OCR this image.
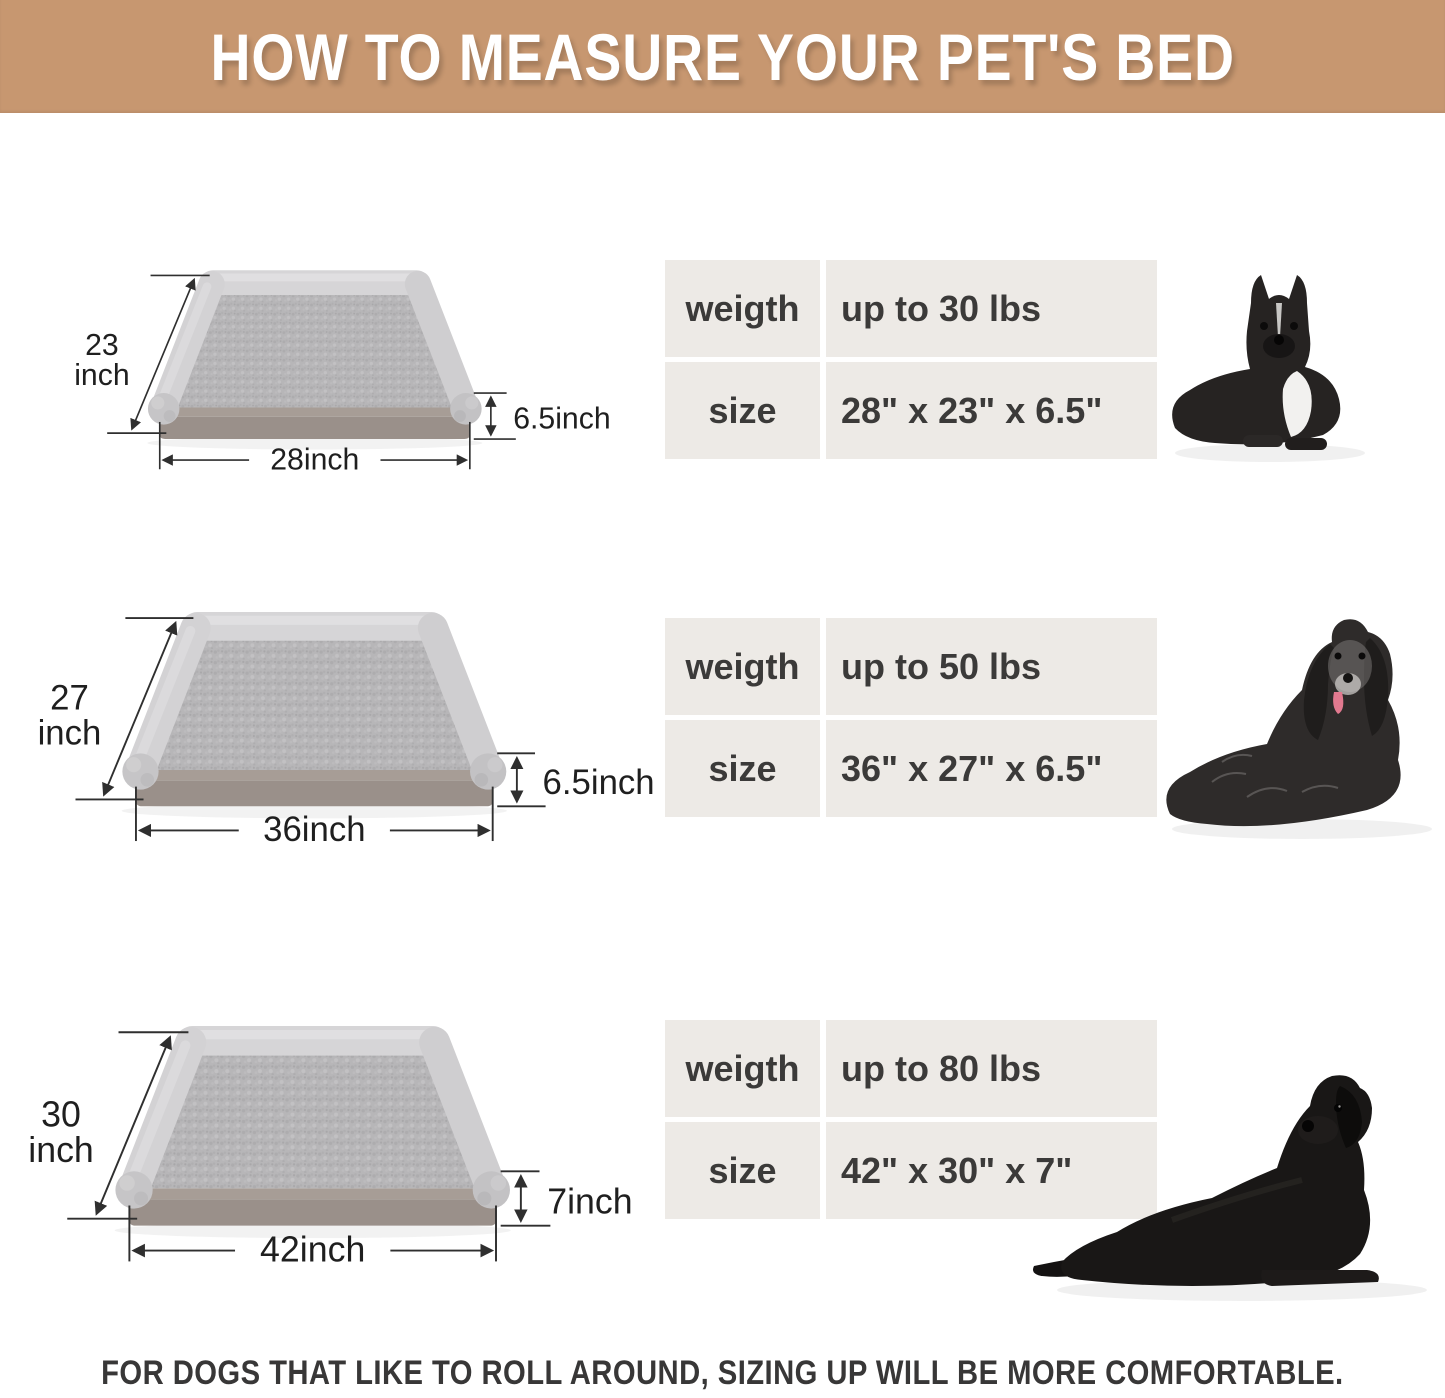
HOW TO MEASURE YOUR PET'S BED
23
inch
6.5inch
28inch
weigth	up to 30 lbs
size	28" x 23" x 6.5"
27
inch
6.5inch
36inch
weigth	up to 50 lbs
size	36" x 27" x 6.5"
30
inch
7inch
42inch
weigth	up to 80 lbs
size	42" x 30" x 7"
FOR DOGS THAT LIKE TO ROLL AROUND, SIZING UP WILL BE MORE COMFORTABLE.
